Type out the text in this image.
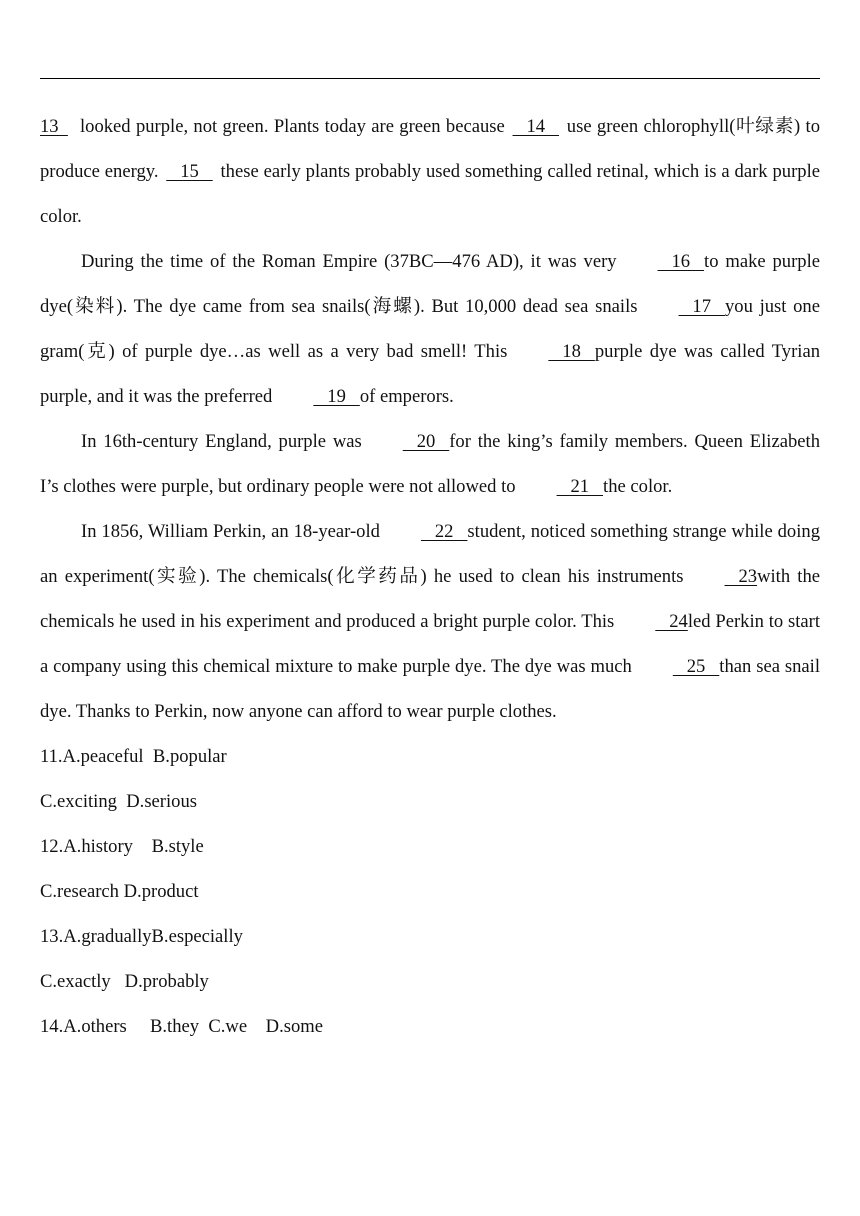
13  looked purple, not green. Plants today are green because   14   use green chlorophyll(叶绿素) to produce energy.   15   these early plants probably used something called retinal, which is a dark purple color.

During the time of the Roman Empire (37BC—476 AD), it was very   16   to make purple dye(染料). The dye came from sea snails(海螺). But 10,000 dead sea snails   17   you just one gram(克) of purple dye…as well as a very bad smell! This   18   purple dye was called Tyrian purple, and it was the preferred   19   of emperors.

In 16th-century England, purple was   20   for the king’s family members. Queen Elizabeth I’s clothes were purple, but ordinary people were not allowed to   21   the color.

In 1856, William Perkin, an 18-year-old   22   student, noticed something strange while doing an experiment(实验). The chemicals(化学药品) he used to clean his instruments   23with the chemicals he used in his experiment and produced a bright purple color. This   24led Perkin to start a company using this chemical mixture to make purple dye. The dye was much   25   than sea snail dye. Thanks to Perkin, now anyone can afford to wear purple clothes.

11.A.peaceful  B.popular

C.exciting  D.serious

12.A.history    B.style

C.research D.product

13.A.graduallyB.especially

C.exactly   D.probably

14.A.others     B.they  C.we    D.some
